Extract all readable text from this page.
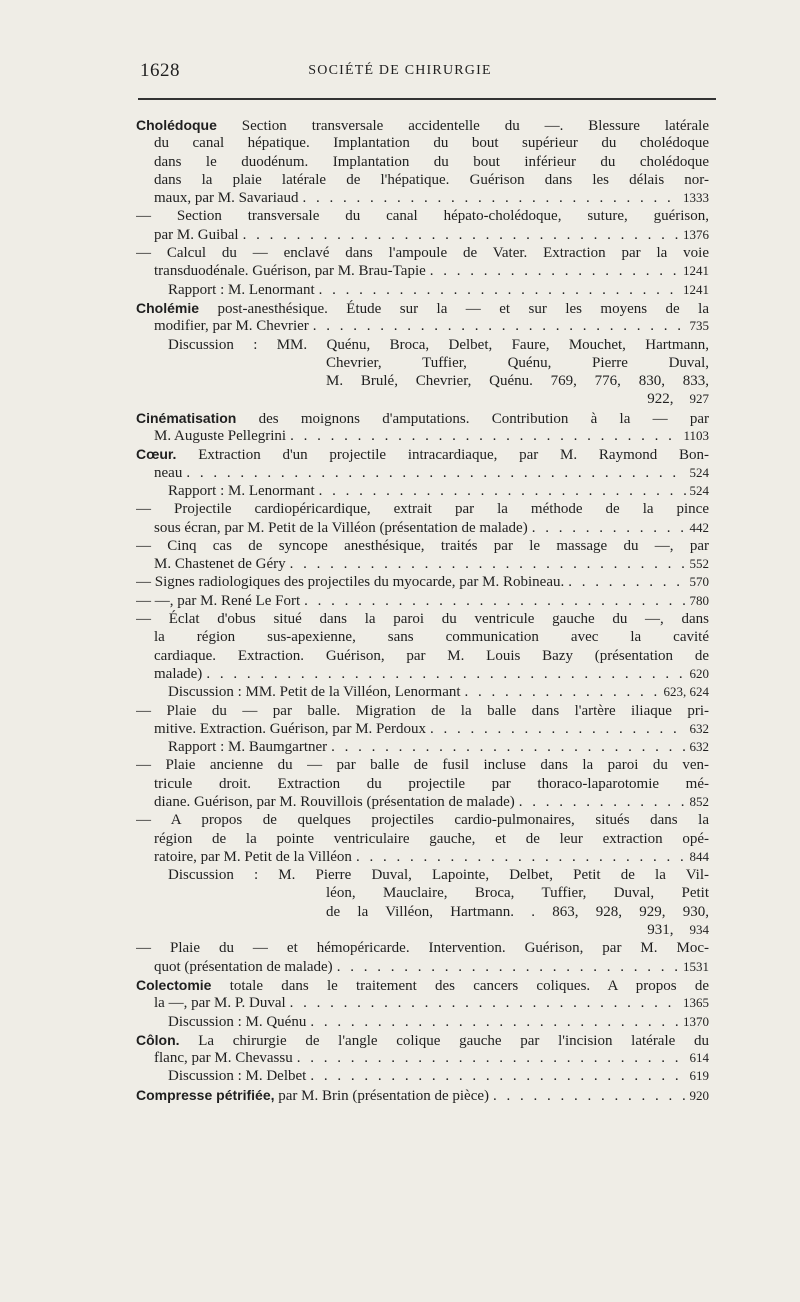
1628	SOCIÉTÉ DE CHIRURGIE
Cholédoque Section transversale accidentelle du —. Blessure latérale
du canal hépatique. Implantation du bout supérieur du cholédoque
dans le duodénum. Implantation du bout inférieur du cholédoque
dans la plaie latérale de l'hépatique. Guérison dans les délais nor-
maux, par M. Savariaud . . .	1333
— Section transversale du canal hépato-cholédoque, suture, guérison,
par M. Guibal . . .	1376
— Calcul du — enclavé dans l'ampoule de Vater. Extraction par la voie
transduodénale. Guérison, par M. Brau-Tapie . . .	1241
Rapport : M. Lenormant . . .	1241
Cholémie post-anesthésique. Étude sur la — et sur les moyens de la
modifier, par M. Chevrier . . .	735
Discussion : MM. Quénu, Broca, Delbet, Faure, Mouchet, Hartmann,
Chevrier, Tuffier, Quénu, Pierre Duval,
M. Brulé, Chevrier, Quénu. 769, 776, 830, 833,
922, 927
Cinématisation des moignons d'amputations. Contribution à la — par
M. Auguste Pellegrini . . .	1103
Cœur. Extraction d'un projectile intracardiaque, par M. Raymond Bon-
neau . . .	524
Rapport : M. Lenormant . . .	524
— Projectile cardiopéricardique, extrait par la méthode de la pince
sous écran, par M. Petit de la Villéon (présentation de malade) . . .	442
— Cinq cas de syncope anesthésique, traités par le massage du —, par
M. Chastenet de Géry . . .	552
— Signes radiologiques des projectiles du myocarde, par M. Robineau. . . .	570
— —, par M. René Le Fort . . .	780
— Éclat d'obus situé dans la paroi du ventricule gauche du —, dans
la région sus-apexienne, sans communication avec la cavité
cardiaque. Extraction. Guérison, par M. Louis Bazy (présentation de
malade) . . .	620
Discussion : MM. Petit de la Villéon, Lenormant . . .	623, 624
— Plaie du — par balle. Migration de la balle dans l'artère iliaque pri-
mitive. Extraction. Guérison, par M. Perdoux . . .	632
Rapport : M. Baumgartner . . .	632
— Plaie ancienne du — par balle de fusil incluse dans la paroi du ven-
tricule droit. Extraction du projectile par thoraco-laparotomie mé-
diane. Guérison, par M. Rouvillois (présentation de malade) . . .	852
— A propos de quelques projectiles cardio-pulmonaires, situés dans la
région de la pointe ventriculaire gauche, et de leur extraction opé-
ratoire, par M. Petit de la Villéon . . .	844
Discussion : M. Pierre Duval, Lapointe, Delbet, Petit de la Vil-
léon, Mauclaire, Broca, Tuffier, Duval, Petit
de la Villéon, Hartmann. . 863, 928, 929, 930,
931, 934
— Plaie du — et hémopéricarde. Intervention. Guérison, par M. Moc-
quot (présentation de malade) . . .	1531
Colectomie totale dans le traitement des cancers coliques. A propos de
la —, par M. P. Duval . . .	1365
Discussion : M. Quénu . . .	1370
Côlon. La chirurgie de l'angle colique gauche par l'incision latérale du
flanc, par M. Chevassu . . .	614
Discussion : M. Delbet . . .	619
Compresse pétrifiée, par M. Brin (présentation de pièce) . . .	920
